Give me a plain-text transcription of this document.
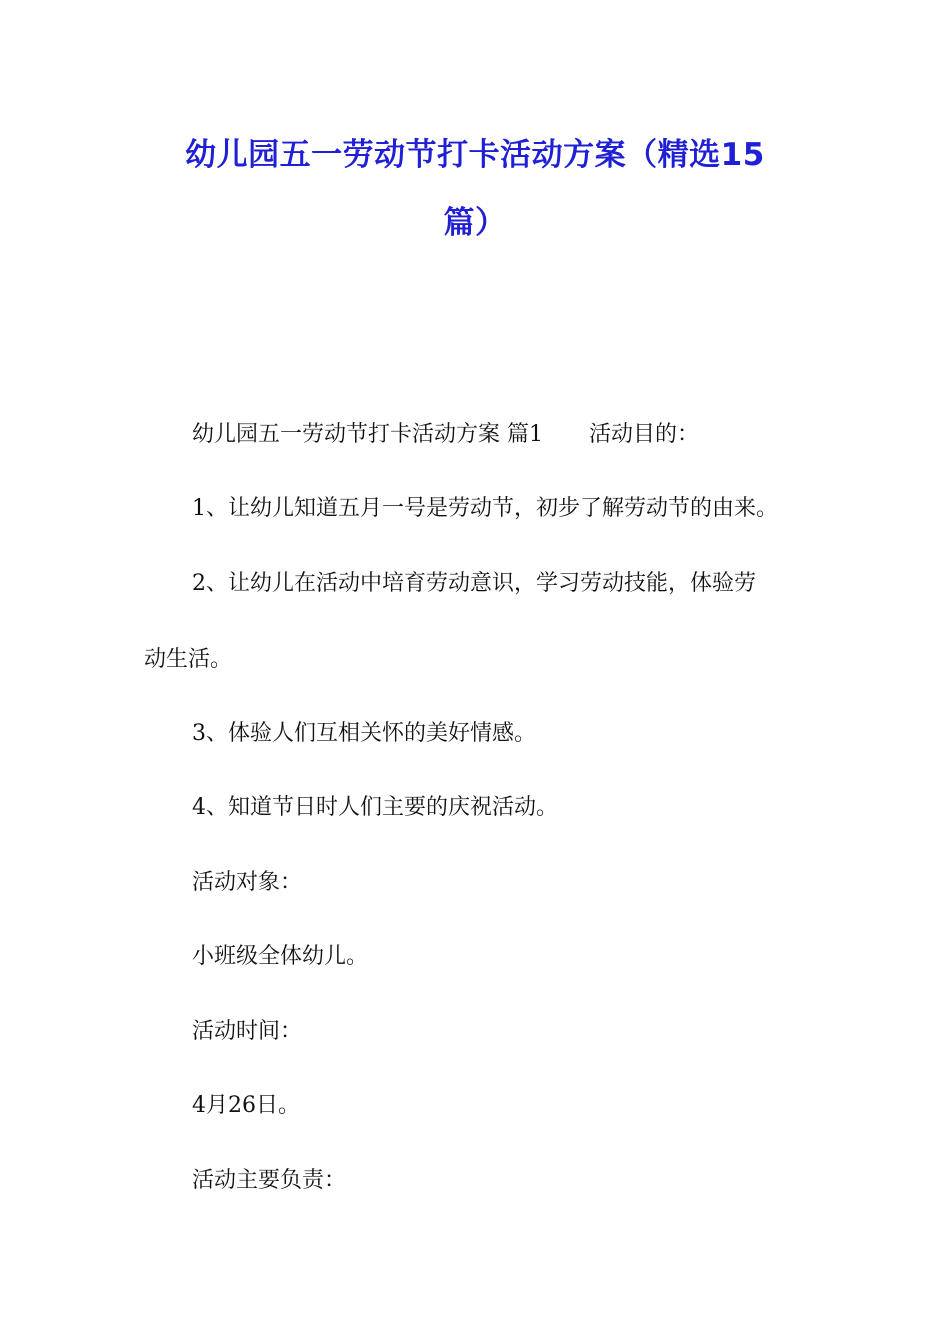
幼儿园五一劳动节打卡活动方案（精选15
篇）
幼儿园五一劳动节打卡活动方案 篇1 活动目的：
1、让幼儿知道五月一号是劳动节，初步了解劳动节的由来。
2、让幼儿在活动中培育劳动意识，学习劳动技能，体验劳
动生活。
3、体验人们互相关怀的美好情感。
4、知道节日时人们主要的庆祝活动。
活动对象：
小班级全体幼儿。
活动时间：
4月26日。
活动主要负责：
